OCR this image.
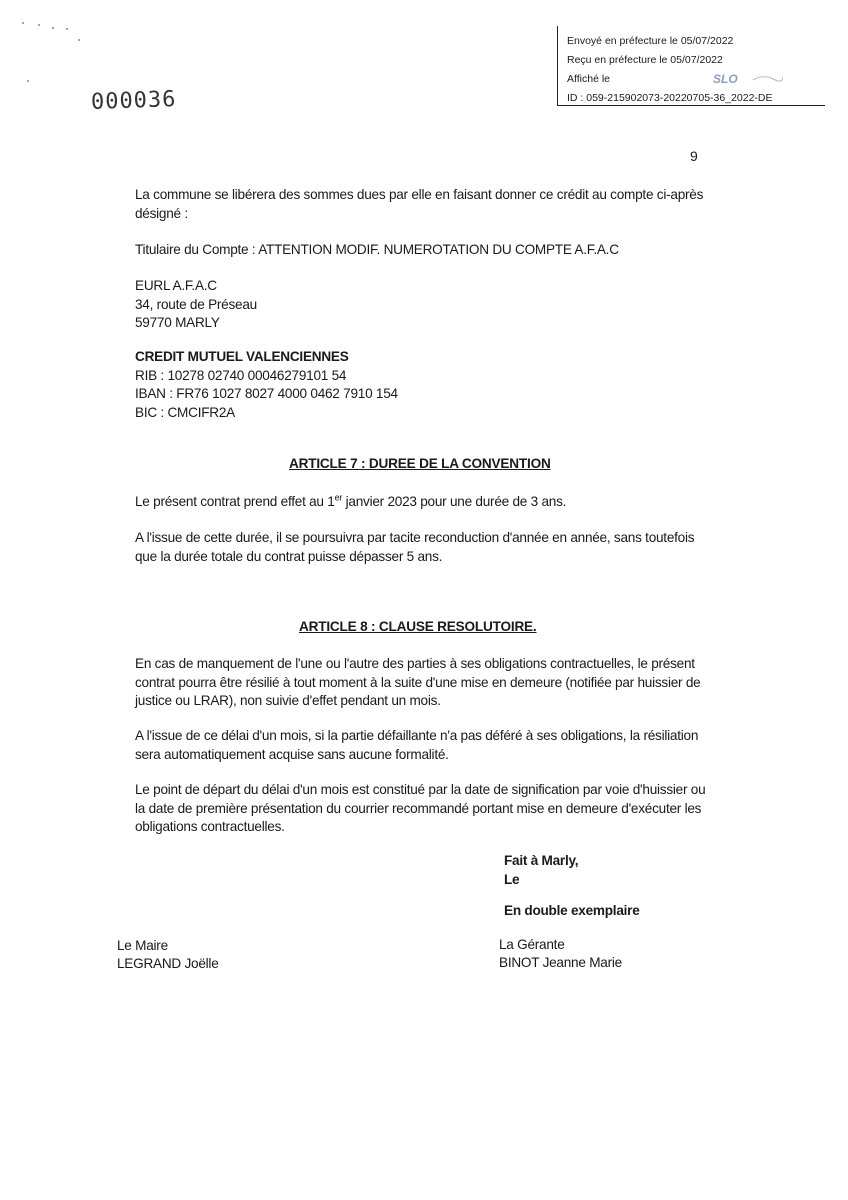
Envoyé en préfecture le 05/07/2022
Reçu en préfecture le 05/07/2022
Affiché le	SLO
ID : 059-215902073-20220705-36_2022-DE
000036
9
La commune se libérera des sommes dues par elle en faisant donner ce crédit au compte ci-après
désigné :
Titulaire du Compte : ATTENTION MODIF. NUMEROTATION DU COMPTE A.F.A.C
EURL A.F.A.C
34, route de Préseau
59770 MARLY
CREDIT MUTUEL VALENCIENNES
RIB : 10278 02740 00046279101 54
IBAN : FR76 1027 8027 4000 0462 7910 154
BIC : CMCIFR2A
ARTICLE 7 : DUREE DE LA CONVENTION
Le présent contrat prend effet au 1er janvier 2023 pour une durée de 3 ans.
A l'issue de cette durée, il se poursuivra par tacite reconduction d'année en année, sans toutefois
que la durée totale du contrat puisse dépasser 5 ans.
ARTICLE 8 : CLAUSE RESOLUTOIRE.
En cas de manquement de l'une ou l'autre des parties à ses obligations contractuelles, le présent
contrat pourra être résilié à tout moment à la suite d'une mise en demeure (notifiée par huissier de
justice ou LRAR), non suivie d'effet pendant un mois.
A l'issue de ce délai d'un mois, si la partie défaillante n'a pas déféré à ses obligations, la résiliation
sera automatiquement acquise sans aucune formalité.
Le point de départ du délai d'un mois est constitué par la date de signification par voie d'huissier ou
la date de première présentation du courrier recommandé portant mise en demeure d'exécuter les
obligations contractuelles.
Fait à Marly,
Le
En double exemplaire
Le Maire
LEGRAND Joëlle
La Gérante
BINOT Jeanne Marie
